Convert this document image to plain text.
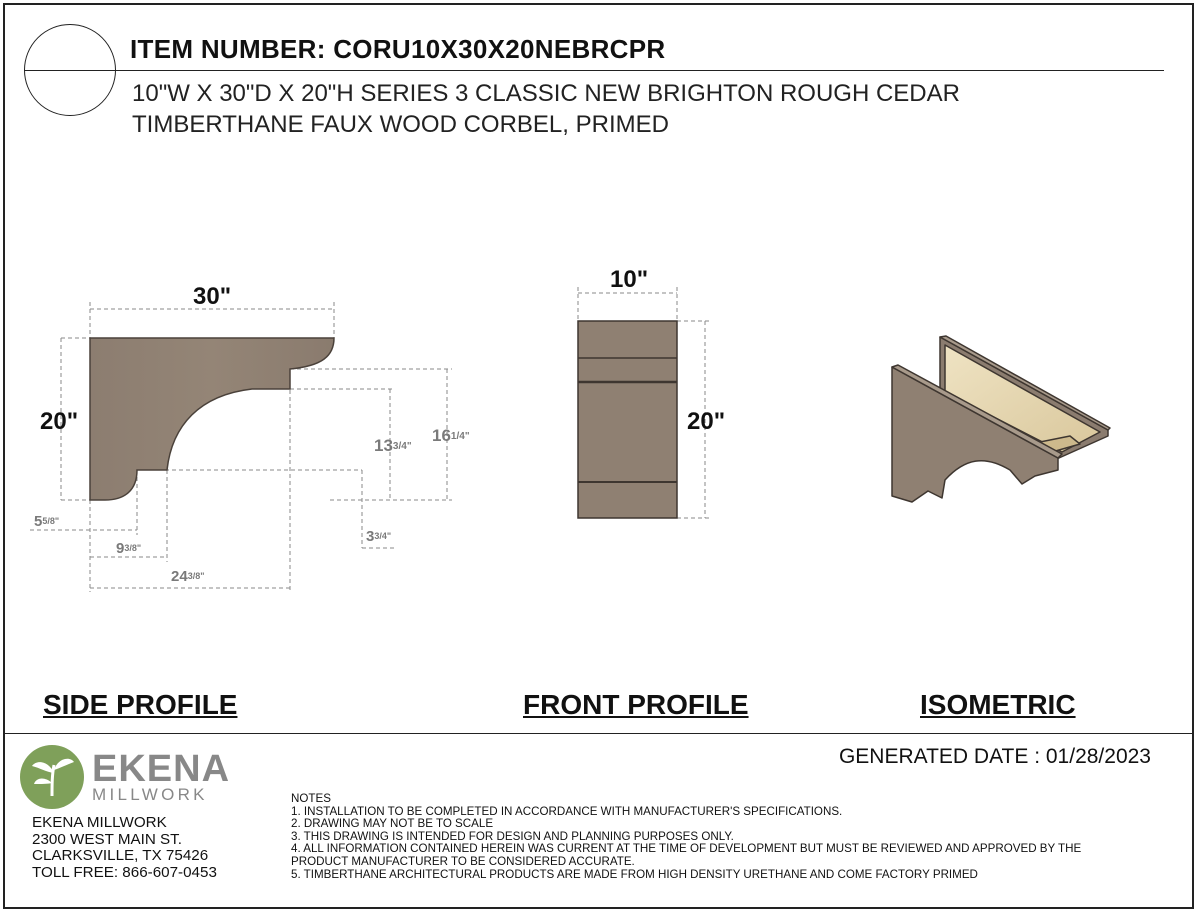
ITEM NUMBER: CORU10X30X20NEBRCPR
10"W X 30"D X 20"H SERIES 3 CLASSIC NEW BRIGHTON ROUGH CEDAR
TIMBERTHANE FAUX WOOD CORBEL, PRIMED
30"
20"
133/4"
161/4"
55/8"
33/4"
93/8"
243/8"
10"
20"
SIDE PROFILE	FRONT PROFILE	ISOMETRIC
EKENA
MILLWORK
EKENA MILLWORK
2300 WEST MAIN ST.
CLARKSVILLE, TX 75426
TOLL FREE: 866-607-0453
GENERATED DATE : 01/28/2023
NOTES
1. INSTALLATION TO BE COMPLETED IN ACCORDANCE WITH MANUFACTURER'S SPECIFICATIONS.
2. DRAWING MAY NOT BE TO SCALE
3. THIS DRAWING IS INTENDED FOR DESIGN AND PLANNING PURPOSES ONLY.
4. ALL INFORMATION CONTAINED HEREIN WAS CURRENT AT THE TIME OF DEVELOPMENT BUT MUST BE REVIEWED AND APPROVED BY THE
PRODUCT MANUFACTURER TO BE CONSIDERED ACCURATE.
5. TIMBERTHANE ARCHITECTURAL PRODUCTS ARE MADE FROM HIGH DENSITY URETHANE AND COME FACTORY PRIMED
